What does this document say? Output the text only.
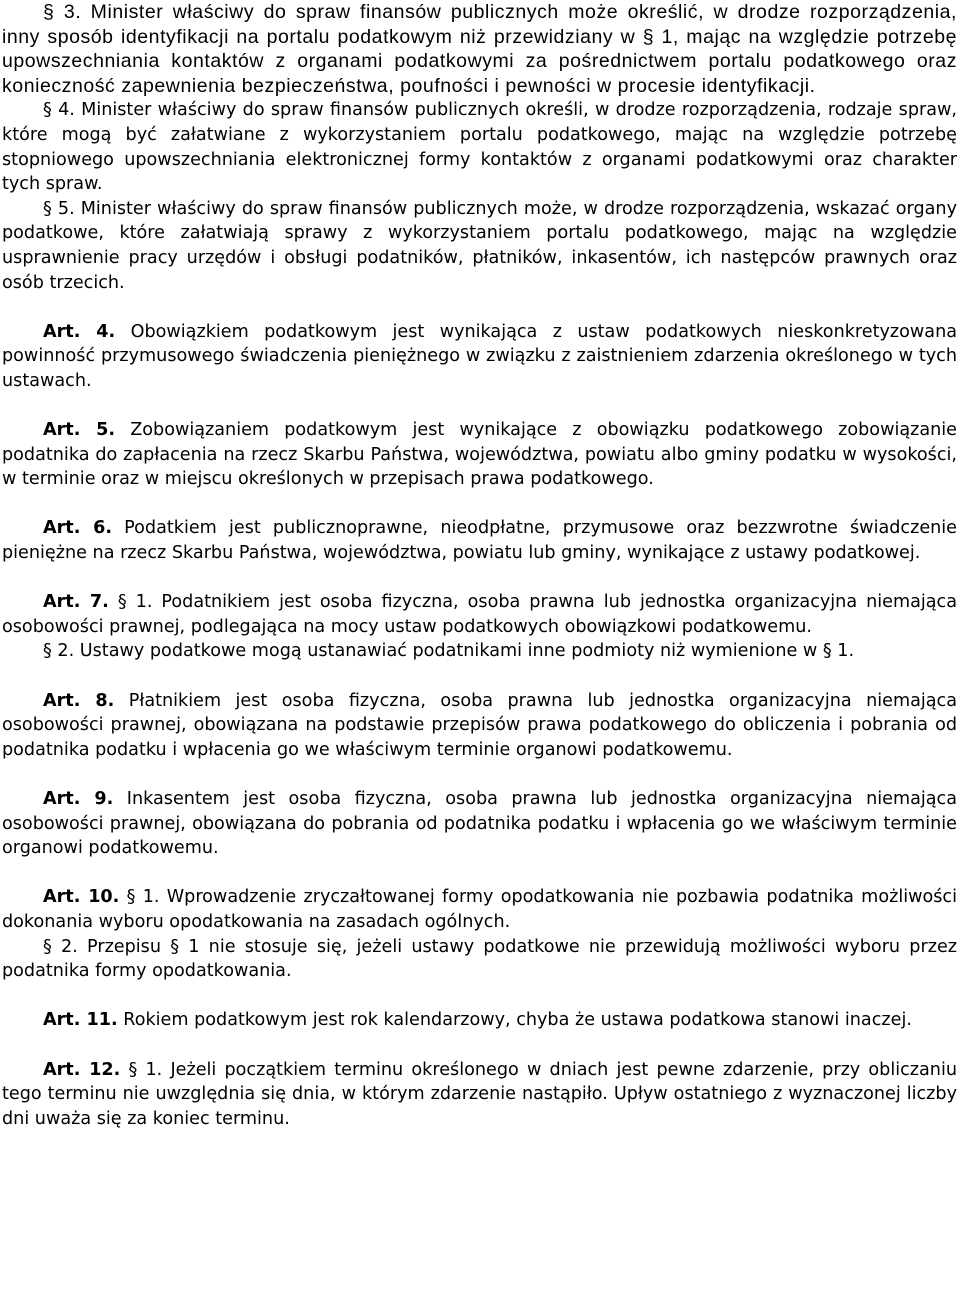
§ 3. Minister właściwy do spraw finansów publicznych może określić, w drodze rozporządzenia, inny sposób identyfikacji na portalu podatkowym niż przewidziany w § 1, mając na względzie potrzebę upowszechniania kontaktów z organami podatkowymi za pośrednictwem portalu podatkowego oraz konieczność zapewnienia bezpieczeństwa, poufności i pewności w procesie identyfikacji.

§ 4. Minister właściwy do spraw finansów publicznych określi, w drodze rozporządzenia, rodzaje spraw, które mogą być załatwiane z wykorzystaniem portalu podatkowego, mając na względzie potrzebę stopniowego upowszechniania elektronicznej formy kontaktów z organami podatkowymi oraz charakter tych spraw.

§ 5. Minister właściwy do spraw finansów publicznych może, w drodze rozporządzenia, wskazać organy podatkowe, które załatwiają sprawy z wykorzystaniem portalu podatkowego, mając na względzie usprawnienie pracy urzędów i obsługi podatników, płatników, inkasentów, ich następców prawnych oraz osób trzecich.

Art. 4. Obowiązkiem podatkowym jest wynikająca z ustaw podatkowych nieskonkretyzowana powinność przymusowego świadczenia pieniężnego w związku z zaistnieniem zdarzenia określonego w tych ustawach.

Art. 5. Zobowiązaniem podatkowym jest wynikające z obowiązku podatkowego zobowiązanie podatnika do zapłacenia na rzecz Skarbu Państwa, województwa, powiatu albo gminy podatku w wysokości, w terminie oraz w miejscu określonych w przepisach prawa podatkowego.

Art. 6. Podatkiem jest publicznoprawne, nieodpłatne, przymusowe oraz bezzwrotne świadczenie pieniężne na rzecz Skarbu Państwa, województwa, powiatu lub gminy, wynikające z ustawy podatkowej.

Art. 7. § 1. Podatnikiem jest osoba fizyczna, osoba prawna lub jednostka organizacyjna niemająca osobowości prawnej, podlegająca na mocy ustaw podatkowych obowiązkowi podatkowemu.

§ 2. Ustawy podatkowe mogą ustanawiać podatnikami inne podmioty niż wymienione w § 1.

Art. 8. Płatnikiem jest osoba fizyczna, osoba prawna lub jednostka organizacyjna niemająca osobowości prawnej, obowiązana na podstawie przepisów prawa podatkowego do obliczenia i pobrania od podatnika podatku i wpłacenia go we właściwym terminie organowi podatkowemu.

Art. 9. Inkasentem jest osoba fizyczna, osoba prawna lub jednostka organizacyjna niemająca osobowości prawnej, obowiązana do pobrania od podatnika podatku i wpłacenia go we właściwym terminie organowi podatkowemu.

Art. 10. § 1. Wprowadzenie zryczałtowanej formy opodatkowania nie pozbawia podatnika możliwości dokonania wyboru opodatkowania na zasadach ogólnych.

§ 2. Przepisu § 1 nie stosuje się, jeżeli ustawy podatkowe nie przewidują możliwości wyboru przez podatnika formy opodatkowania.

Art. 11. Rokiem podatkowym jest rok kalendarzowy, chyba że ustawa podatkowa stanowi inaczej.

Art. 12. § 1. Jeżeli początkiem terminu określonego w dniach jest pewne zdarzenie, przy obliczaniu tego terminu nie uwzględnia się dnia, w którym zdarzenie nastąpiło. Upływ ostatniego z wyznaczonej liczby dni uważa się za koniec terminu.
